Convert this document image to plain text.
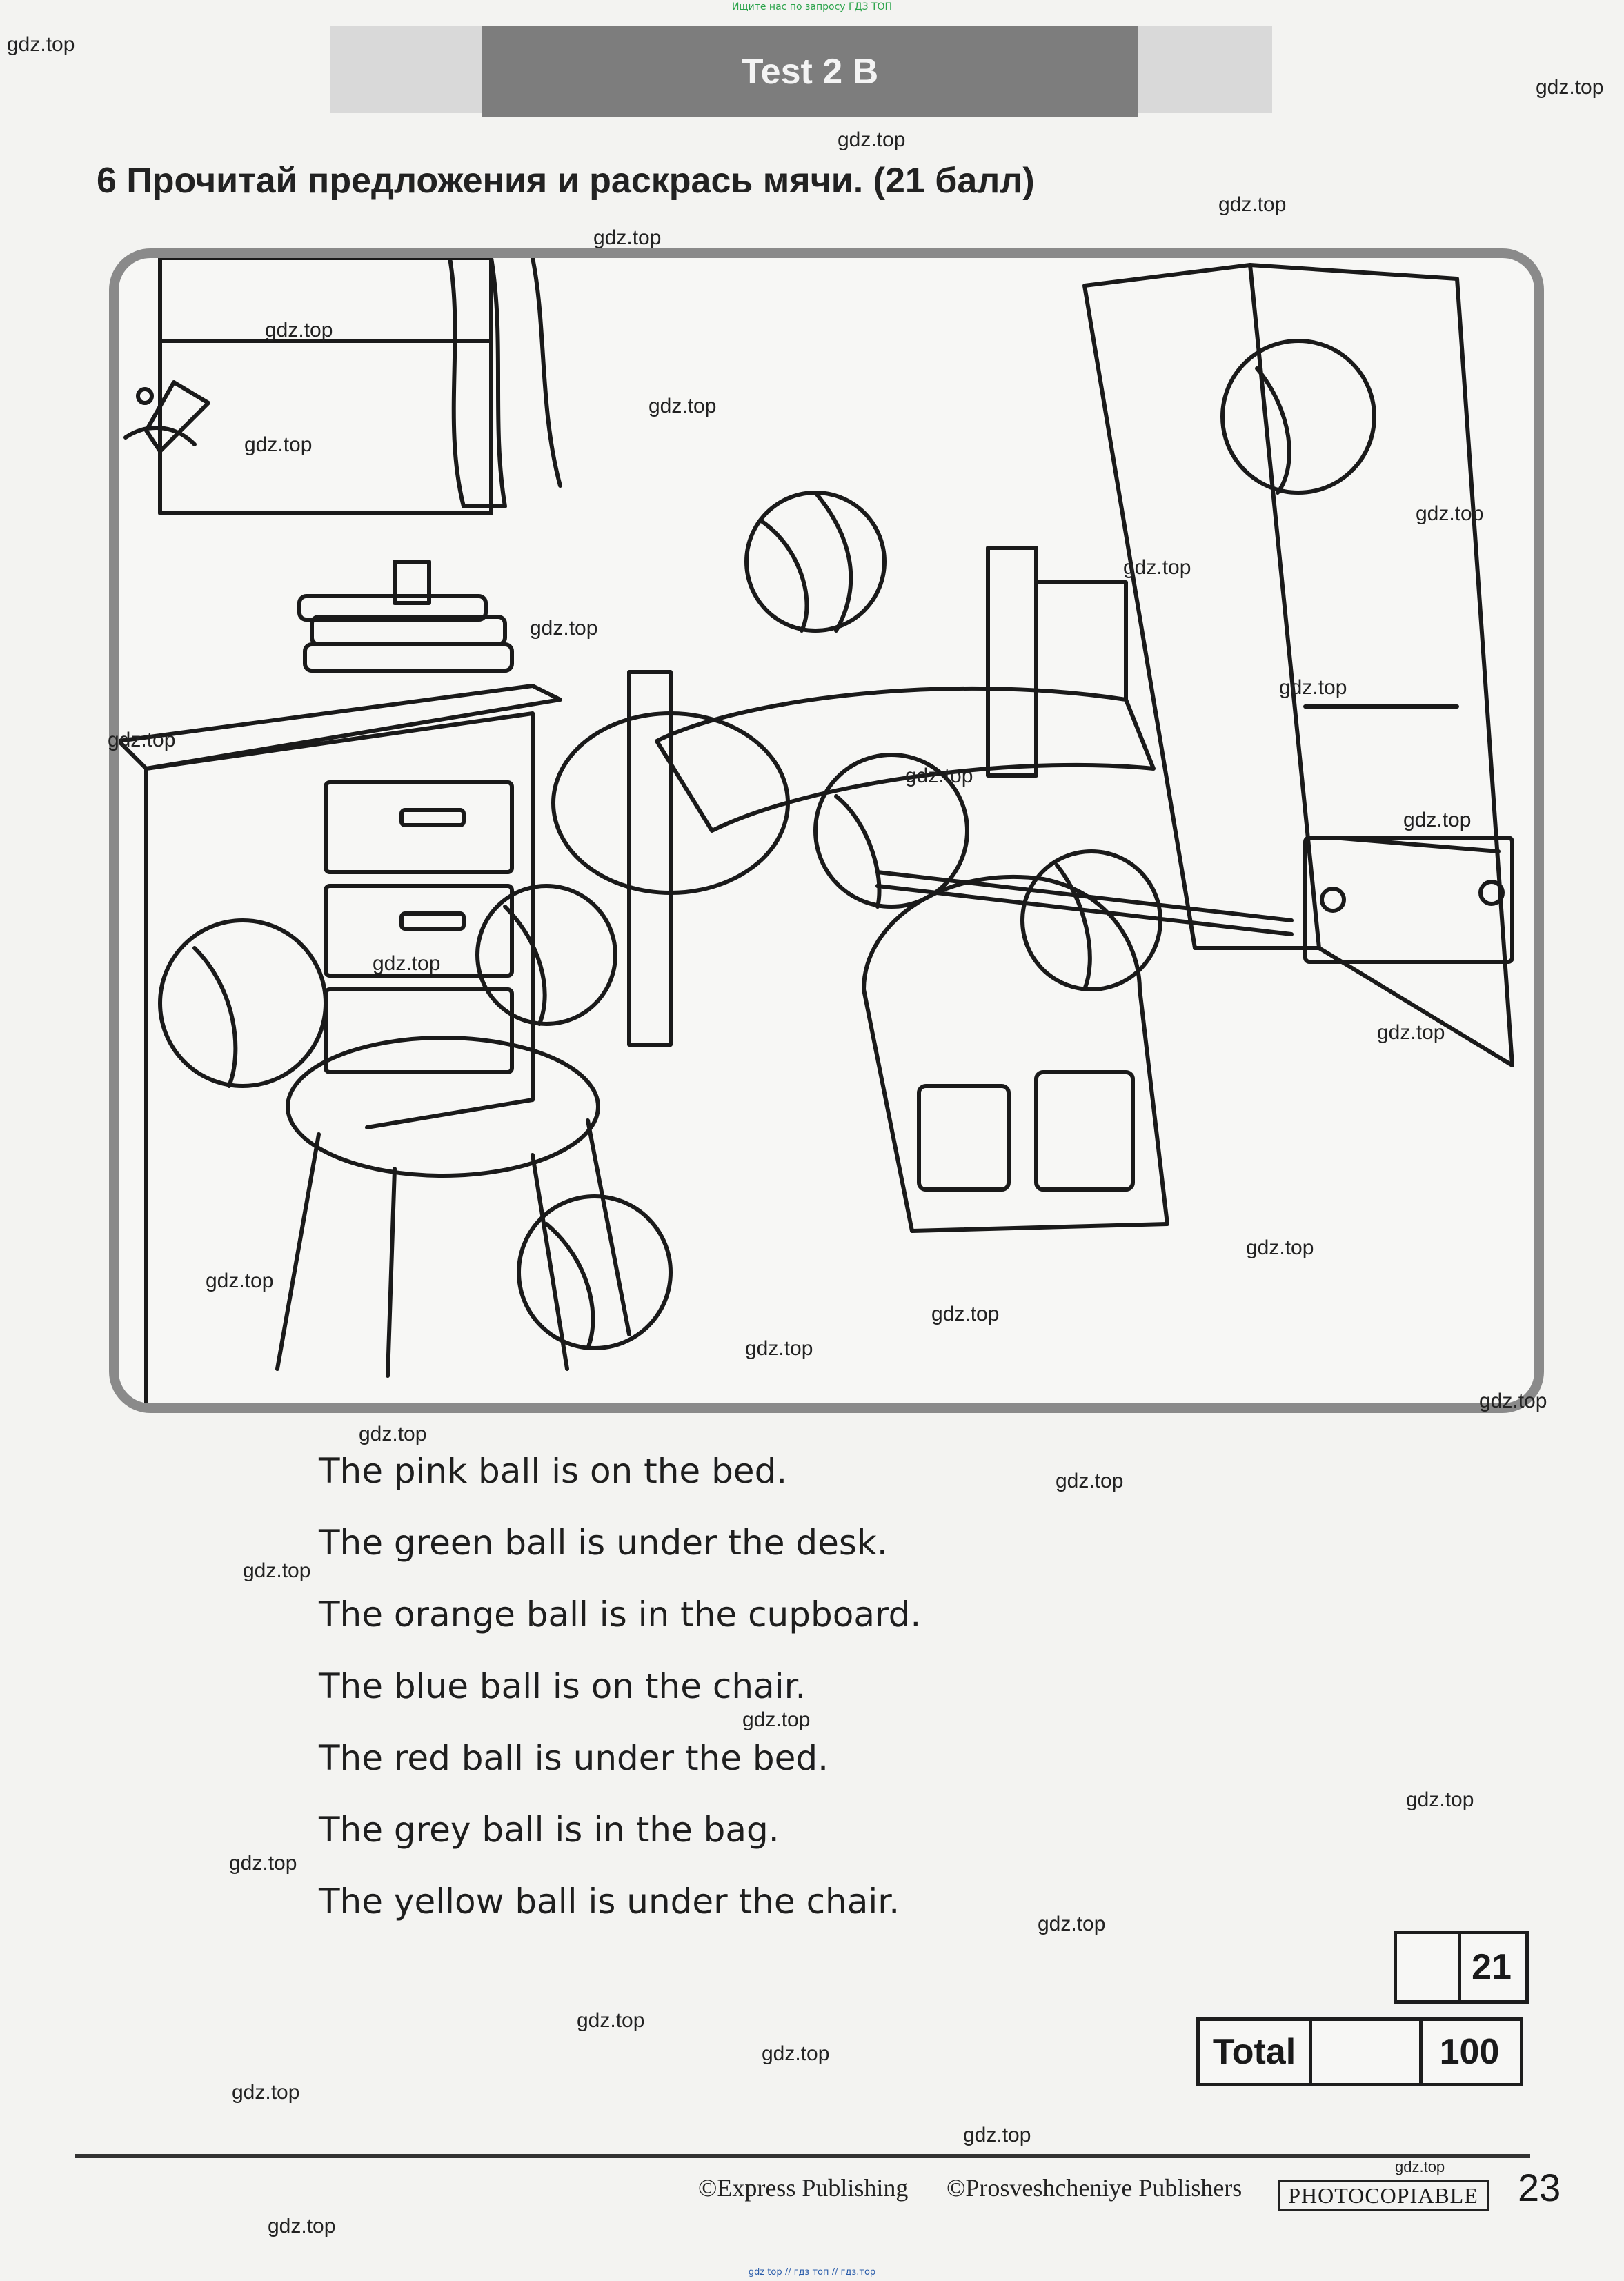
Ищите нас по запросу ГДЗ ТОП
Test 2 B
6 Прочитай предложения и раскрась мячи. (21 балл)
The pink ball is on the bed.
The green ball is under the desk.
The orange ball is in the cupboard.
The blue ball is on the chair.
The red ball is under the bed.
The grey ball is in the bag.
The yellow ball is under the chair.
21
Total	100
©Express Publishing ©Prosveshcheniye Publishers	PHOTOCOPIABLE 23
gdz.top
gdz.top
gdz.top
gdz.top
gdz.top
gdz.top
gdz.top
gdz.top
gdz.top
gdz.top
gdz.top
gdz.top
gdz.top
gdz.top
gdz.top
gdz.top
gdz.top
gdz.top
gdz.top
gdz.top
gdz.top
gdz.top
gdz.top
gdz.top
gdz.top
gdz.top
gdz.top
gdz.top
gdz.top
gdz.top
gdz.top
gdz.top
gdz.top
gdz.top
gdz.top
gdz top // гдз топ // гдз.тор
